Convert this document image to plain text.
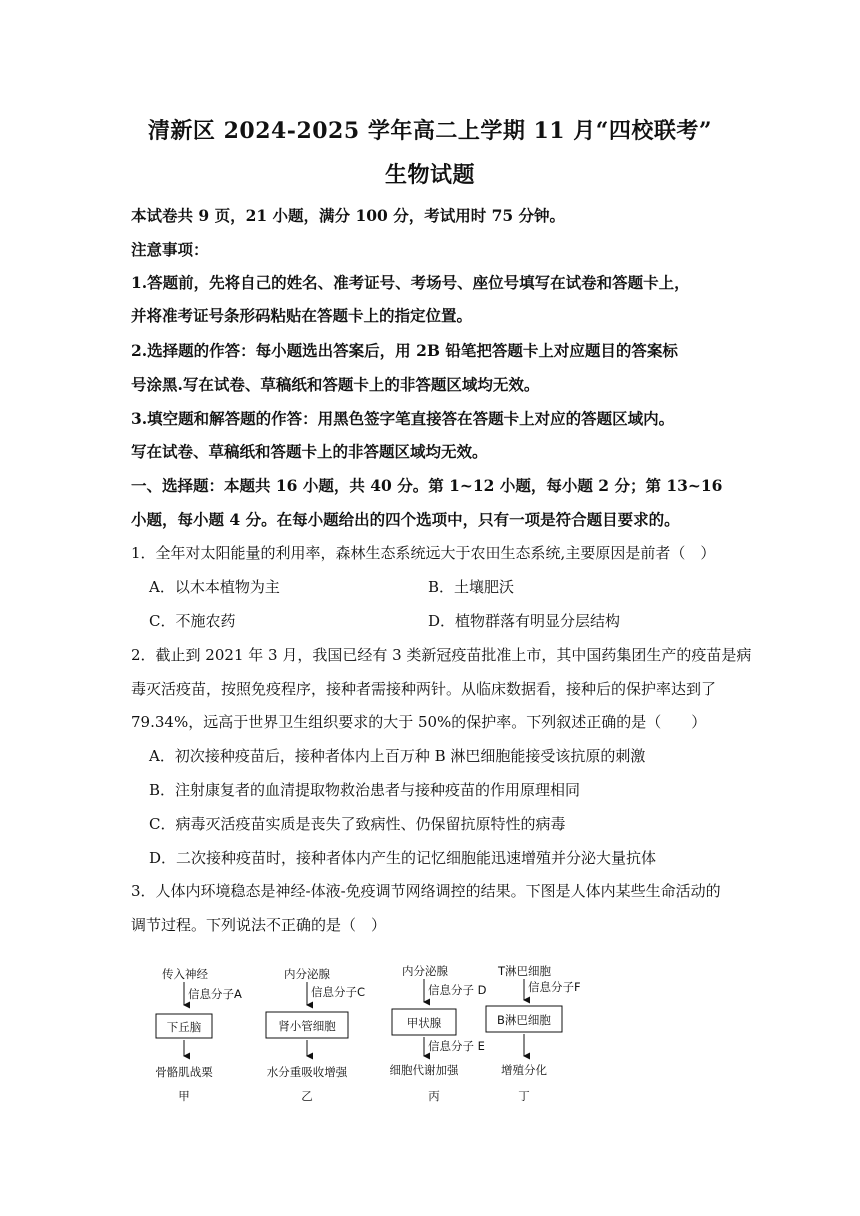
清新区 2024-2025 学年高二上学期 11 月“四校联考”
生物试题
本试卷共 9 页，21 小题，满分 100 分，考试用时 75 分钟。
注意事项：
1.答题前，先将自己的姓名、准考证号、考场号、座位号填写在试卷和答题卡上，
并将准考证号条形码粘贴在答题卡上的指定位置。
2.选择题的作答：每小题选出答案后，用 2B 铅笔把答题卡上对应题目的答案标
号涂黑.写在试卷、草稿纸和答题卡上的非答题区域均无效。
3.填空题和解答题的作答：用黑色签字笔直接答在答题卡上对应的答题区域内。
写在试卷、草稿纸和答题卡上的非答题区域均无效。
一、选择题：本题共 16 小题，共 40 分。第 1~12 小题，每小题 2 分；第 13~16
小题，每小题 4 分。在每小题给出的四个选项中，只有一项是符合题目要求的。
1．全年对太阳能量的利用率，森林生态系统远大于农田生态系统,主要原因是前者（　）
A．以木本植物为主	B．土壤肥沃
C．不施农药	D．植物群落有明显分层结构
2．截止到 2021 年 3 月，我国已经有 3 类新冠疫苗批准上市，其中国药集团生产的疫苗是病
毒灭活疫苗，按照免疫程序，接种者需接种两针。从临床数据看，接种后的保护率达到了
79.34%，远高于世界卫生组织要求的大于 50%的保护率。下列叙述正确的是（　　）
A．初次接种疫苗后，接种者体内上百万种 B 淋巴细胞能接受该抗原的刺激
B．注射康复者的血清提取物救治患者与接种疫苗的作用原理相同
C．病毒灭活疫苗实质是丧失了致病性、仍保留抗原特性的病毒
D．二次接种疫苗时，接种者体内产生的记忆细胞能迅速增殖并分泌大量抗体
3．人体内环境稳态是神经-体液-免疫调节网络调控的结果。下图是人体内某些生命活动的
调节过程。下列说法不正确的是（　）
传入神经
信息分子A
下丘脑
骨骼肌战栗
甲
内分泌腺
信息分子C
肾小管细胞
水分重吸收增强
乙
内分泌腺
信息分子 D
甲状腺
信息分子 E
细胞代谢加强
丙
T淋巴细胞
信息分子F
B淋巴细胞
增殖分化
丁
